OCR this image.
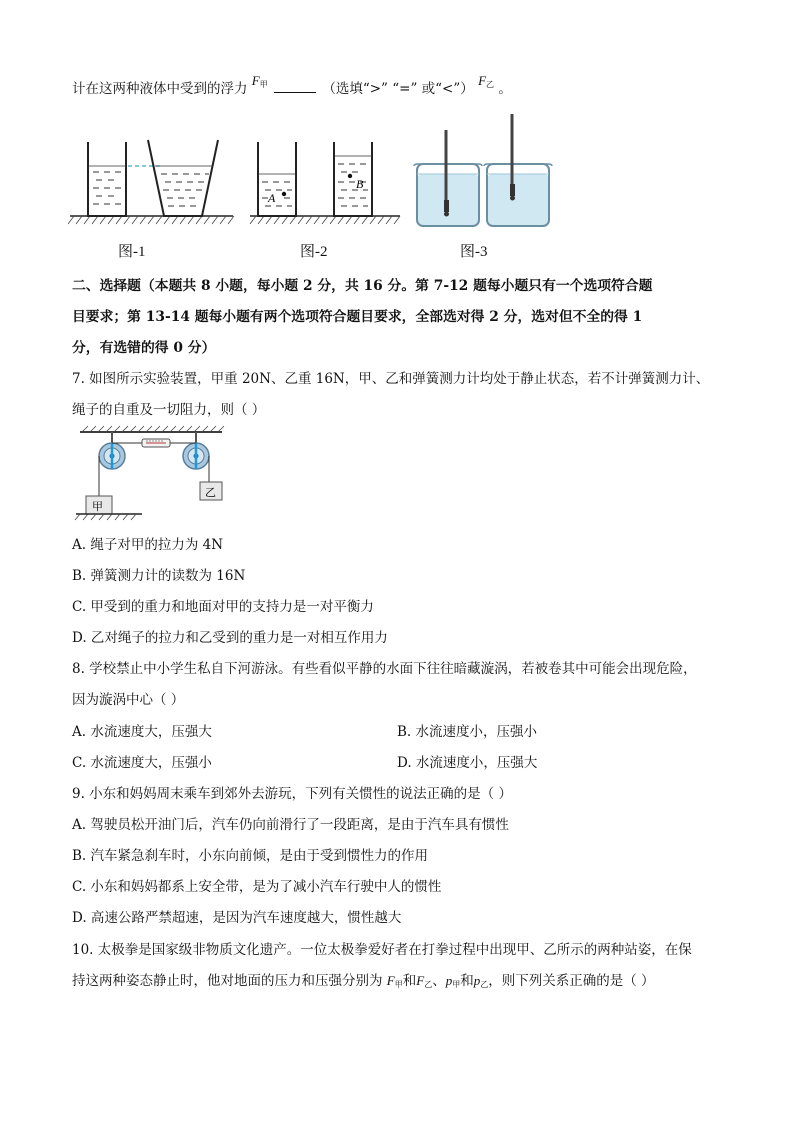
计在这两种液体中受到的浮力 $F_甲$	（选填“>” “=” 或“<”） $F_乙$ 。
图-1
A
B
图-2	图-3
二、选择题（本题共 8 小题，每小题 2 分，共 16 分。第 7-12 题每小题只有一个选项符合题
目要求；第 13-14 题每小题有两个选项符合题目要求，全部选对得 2 分，选对但不全的得 1
分，有选错的得 0 分）
7. 如图所示实验装置，甲重 20N、乙重 16N，甲、乙和弹簧测力计均处于静止状态，若不计弹簧测力计、
绳子的自重及一切阻力，则（ ）
甲
乙
A. 绳子对甲的拉力为 4N
B. 弹簧测力计的读数为 16N
C. 甲受到的重力和地面对甲的支持力是一对平衡力
D. 乙对绳子的拉力和乙受到的重力是一对相互作用力
8. 学校禁止中小学生私自下河游泳。有些看似平静的水面下往往暗藏漩涡，若被卷其中可能会出现危险，
因为漩涡中心（ ）
A. 水流速度大，压强大	B. 水流速度小，压强小
C. 水流速度大，压强小	D. 水流速度小，压强大
9. 小东和妈妈周末乘车到郊外去游玩，下列有关惯性的说法正确的是（ ）
A. 驾驶员松开油门后，汽车仍向前滑行了一段距离，是由于汽车具有惯性
B. 汽车紧急刹车时，小东向前倾，是由于受到惯性力的作用
C. 小东和妈妈都系上安全带，是为了减小汽车行驶中人的惯性
D. 高速公路严禁超速，是因为汽车速度越大，惯性越大
10. 太极拳是国家级非物质文化遗产。一位太极拳爱好者在打拳过程中出现甲、乙所示的两种站姿，在保
持这两种姿态静止时，他对地面的压力和压强分别为 $F_甲$和$F_乙$、$p_甲$和$p_乙$，则下列关系正确的是（ ）
